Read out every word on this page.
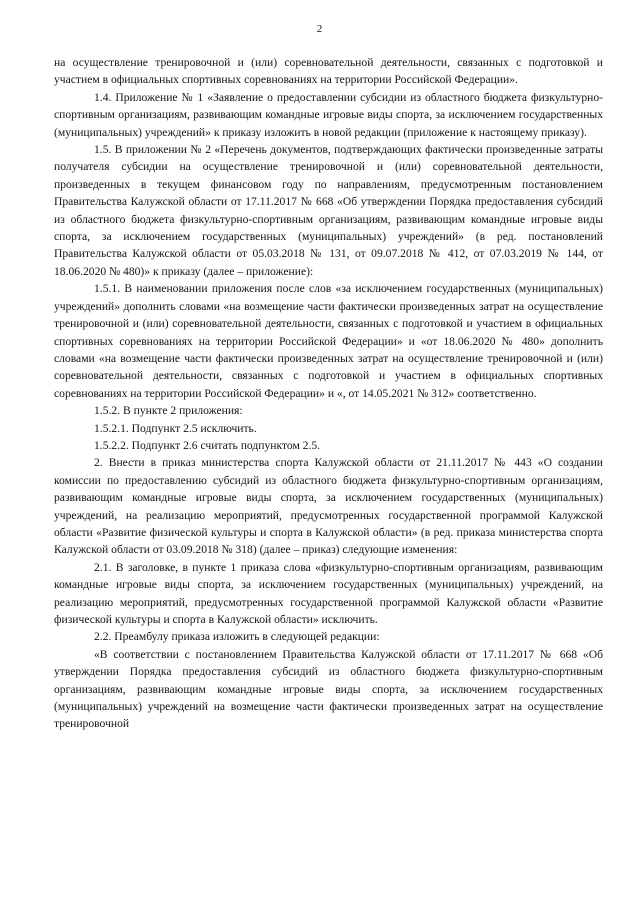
2

на осуществление тренировочной и (или) соревновательной деятельности, связанных с подготовкой и участием в официальных спортивных соревнованиях на территории Российской Федерации».

1.4. Приложение № 1 «Заявление о предоставлении субсидии из областного бюджета физкультурно-спортивным организациям, развивающим командные игровые виды спорта, за исключением государственных (муниципальных) учреждений» к приказу изложить в новой редакции (приложение к настоящему приказу).

1.5. В приложении № 2 «Перечень документов, подтверждающих фактически произведенные затраты получателя субсидии на осуществление тренировочной и (или) соревновательной деятельности, произведенных в текущем финансовом году по направлениям, предусмотренным постановлением Правительства Калужской области от 17.11.2017 № 668 «Об утверждении Порядка предоставления субсидий из областного бюджета физкультурно-спортивным организациям, развивающим командные игровые виды спорта, за исключением государственных (муниципальных) учреждений» (в ред. постановлений Правительства Калужской области от 05.03.2018 № 131, от 09.07.2018 № 412, от 07.03.2019 № 144, от 18.06.2020 № 480)» к приказу (далее – приложение):

1.5.1. В наименовании приложения после слов «за исключением государственных (муниципальных) учреждений» дополнить словами «на возмещение части фактически произведенных затрат на осуществление тренировочной и (или) соревновательной деятельности, связанных с подготовкой и участием в официальных спортивных соревнованиях на территории Российской Федерации» и «от 18.06.2020 № 480» дополнить словами «на возмещение части фактически произведенных затрат на осуществление тренировочной и (или) соревновательной деятельности, связанных с подготовкой и участием в официальных спортивных соревнованиях на территории Российской Федерации» и «, от 14.05.2021 № 312» соответственно.

1.5.2. В пункте 2 приложения:

1.5.2.1. Подпункт 2.5 исключить.

1.5.2.2. Подпункт 2.6 считать подпунктом 2.5.

2. Внести в приказ министерства спорта Калужской области от 21.11.2017 № 443 «О создании комиссии по предоставлению субсидий из областного бюджета физкультурно-спортивным организациям, развивающим командные игровые виды спорта, за исключением государственных (муниципальных) учреждений, на реализацию мероприятий, предусмотренных государственной программой Калужской области «Развитие физической культуры и спорта в Калужской области» (в ред. приказа министерства спорта Калужской области от 03.09.2018 № 318) (далее – приказ) следующие изменения:

2.1. В заголовке, в пункте 1 приказа слова «физкультурно-спортивным организациям, развивающим командные игровые виды спорта, за исключением государственных (муниципальных) учреждений, на реализацию мероприятий, предусмотренных государственной программой Калужской области «Развитие физической культуры и спорта в Калужской области» исключить.

2.2. Преамбулу приказа изложить в следующей редакции:

«В соответствии с постановлением Правительства Калужской области от 17.11.2017 № 668 «Об утверждении Порядка предоставления субсидий из областного бюджета физкультурно-спортивным организациям, развивающим командные игровые виды спорта, за исключением государственных (муниципальных) учреждений на возмещение части фактически произведенных затрат на осуществление тренировочной
